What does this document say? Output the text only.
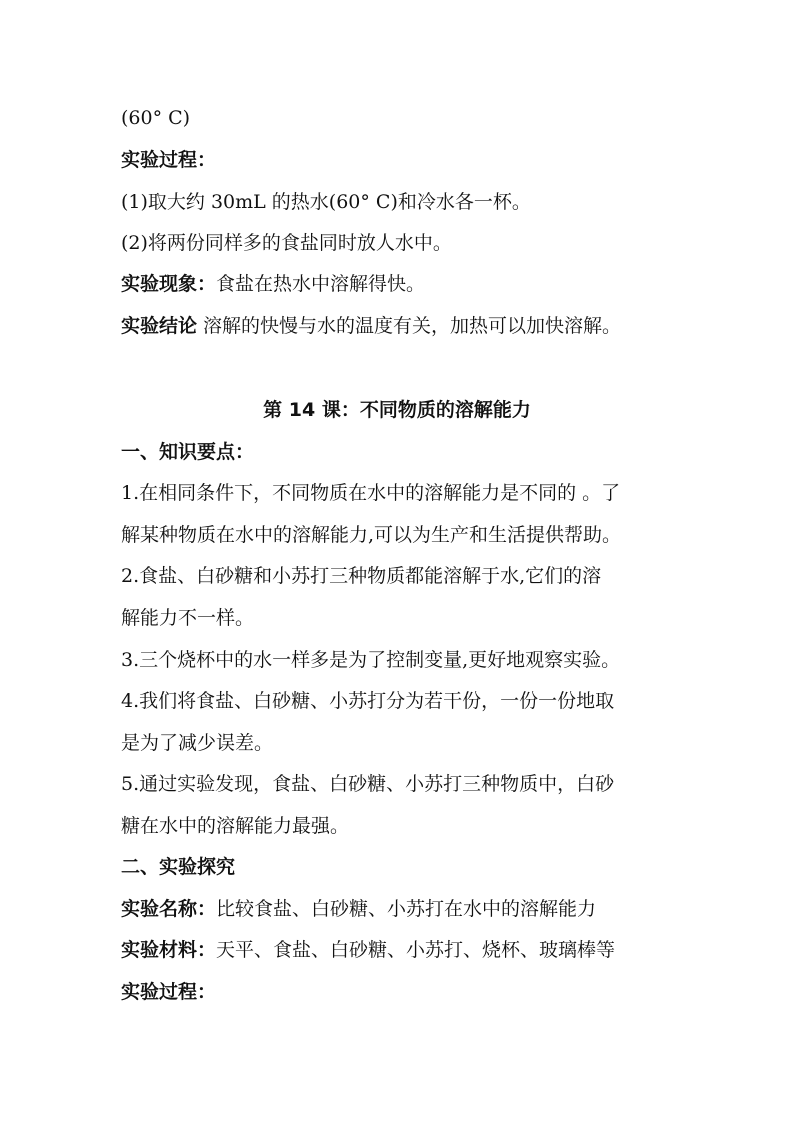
(60° C)
实验过程：
(1)取大约 30mL 的热水(60° C)和冷水各一杯。
(2)将两份同样多的食盐同时放人水中。
实验现象：食盐在热水中溶解得快。
实验结论 溶解的快慢与水的温度有关，加热可以加快溶解。
第 14 课：不同物质的溶解能力
一、知识要点：
1.在相同条件下，不同物质在水中的溶解能力是不同的 。了
解某种物质在水中的溶解能力,可以为生产和生活提供帮助。
2.食盐、白砂糖和小苏打三种物质都能溶解于水,它们的溶
解能力不一样。
3.三个烧杯中的水一样多是为了控制变量,更好地观察实验。
4.我们将食盐、白砂糖、小苏打分为若干份，一份一份地取
是为了减少误差。
5.通过实验发现，食盐、白砂糖、小苏打三种物质中，白砂
糖在水中的溶解能力最强。
二、实验探究
实验名称：比较食盐、白砂糖、小苏打在水中的溶解能力
实验材料：天平、食盐、白砂糖、小苏打、烧杯、玻璃棒等
实验过程：
